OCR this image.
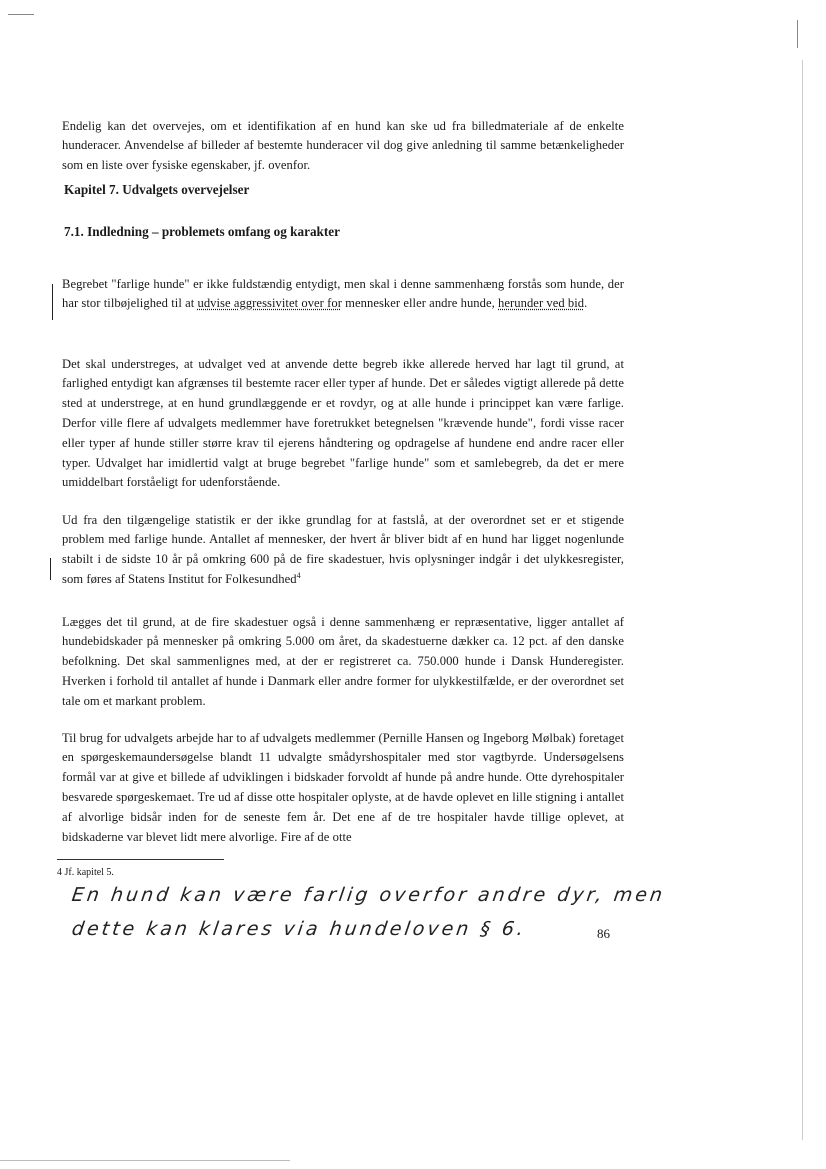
Endelig kan det overvejes, om et identifikation af en hund kan ske ud fra billedmateriale af de enkelte hunderacer. Anvendelse af billeder af bestemte hunderacer vil dog give anledning til samme betænkeligheder som en liste over fysiske egenskaber, jf. ovenfor.

Kapitel 7. Udvalgets overvejelser
7.1. Indledning – problemets omfang og karakter

Begrebet "farlige hunde" er ikke fuldstændig entydigt, men skal i denne sammenhæng forstås som hunde, der har stor tilbøjelighed til at udvise aggressivitet over for mennesker eller andre hunde, herunder ved bid.

Det skal understreges, at udvalget ved at anvende dette begreb ikke allerede herved har lagt til grund, at farlighed entydigt kan afgrænses til bestemte racer eller typer af hunde. Det er således vigtigt allerede på dette sted at understrege, at en hund grundlæggende er et rovdyr, og at alle hunde i princippet kan være farlige. Derfor ville flere af udvalgets medlemmer have foretrukket betegnelsen "krævende hunde", fordi visse racer eller typer af hunde stiller større krav til ejerens håndtering og opdragelse af hundene end andre racer eller typer. Udvalget har imidlertid valgt at bruge begrebet "farlige hunde" som et samlebegreb, da det er mere umiddelbart forståeligt for udenforstående.

Ud fra den tilgængelige statistik er der ikke grundlag for at fastslå, at der overordnet set er et stigende problem med farlige hunde. Antallet af mennesker, der hvert år bliver bidt af en hund har ligget nogenlunde stabilt i de sidste 10 år på omkring 600 på de fire skadestuer, hvis oplysninger indgår i det ulykkesregister, som føres af Statens Institut for Folkesundhed$^4$

Lægges det til grund, at de fire skadestuer også i denne sammenhæng er repræsentative, ligger antallet af hundebidskader på mennesker på omkring 5.000 om året, da skadestuerne dækker ca. 12 pct. af den danske befolkning. Det skal sammenlignes med, at der er registreret ca. 750.000 hunde i Dansk Hunderegister. Hverken i forhold til antallet af hunde i Danmark eller andre former for ulykkestilfælde, er der overordnet set tale om et markant problem.

Til brug for udvalgets arbejde har to af udvalgets medlemmer (Pernille Hansen og Ingeborg Mølbak) foretaget en spørgeskemaundersøgelse blandt 11 udvalgte smådyrshospitaler med stor vagtbyrde. Undersøgelsens formål var at give et billede af udviklingen i bidskader forvoldt af hunde på andre hunde. Otte dyrehospitaler besvarede spørgeskemaet. Tre ud af disse otte hospitaler oplyste, at de havde oplevet en lille stigning i antallet af alvorlige bidsår inden for de seneste fem år. Det ene af de tre hospitaler havde tillige oplevet, at bidskaderne var blevet lidt mere alvorlige. Fire af de otte

4 Jf. kapitel 5.
En hund kan være farlig overfor andre dyr, men
dette kan klares via hundeloven § 6.	86
